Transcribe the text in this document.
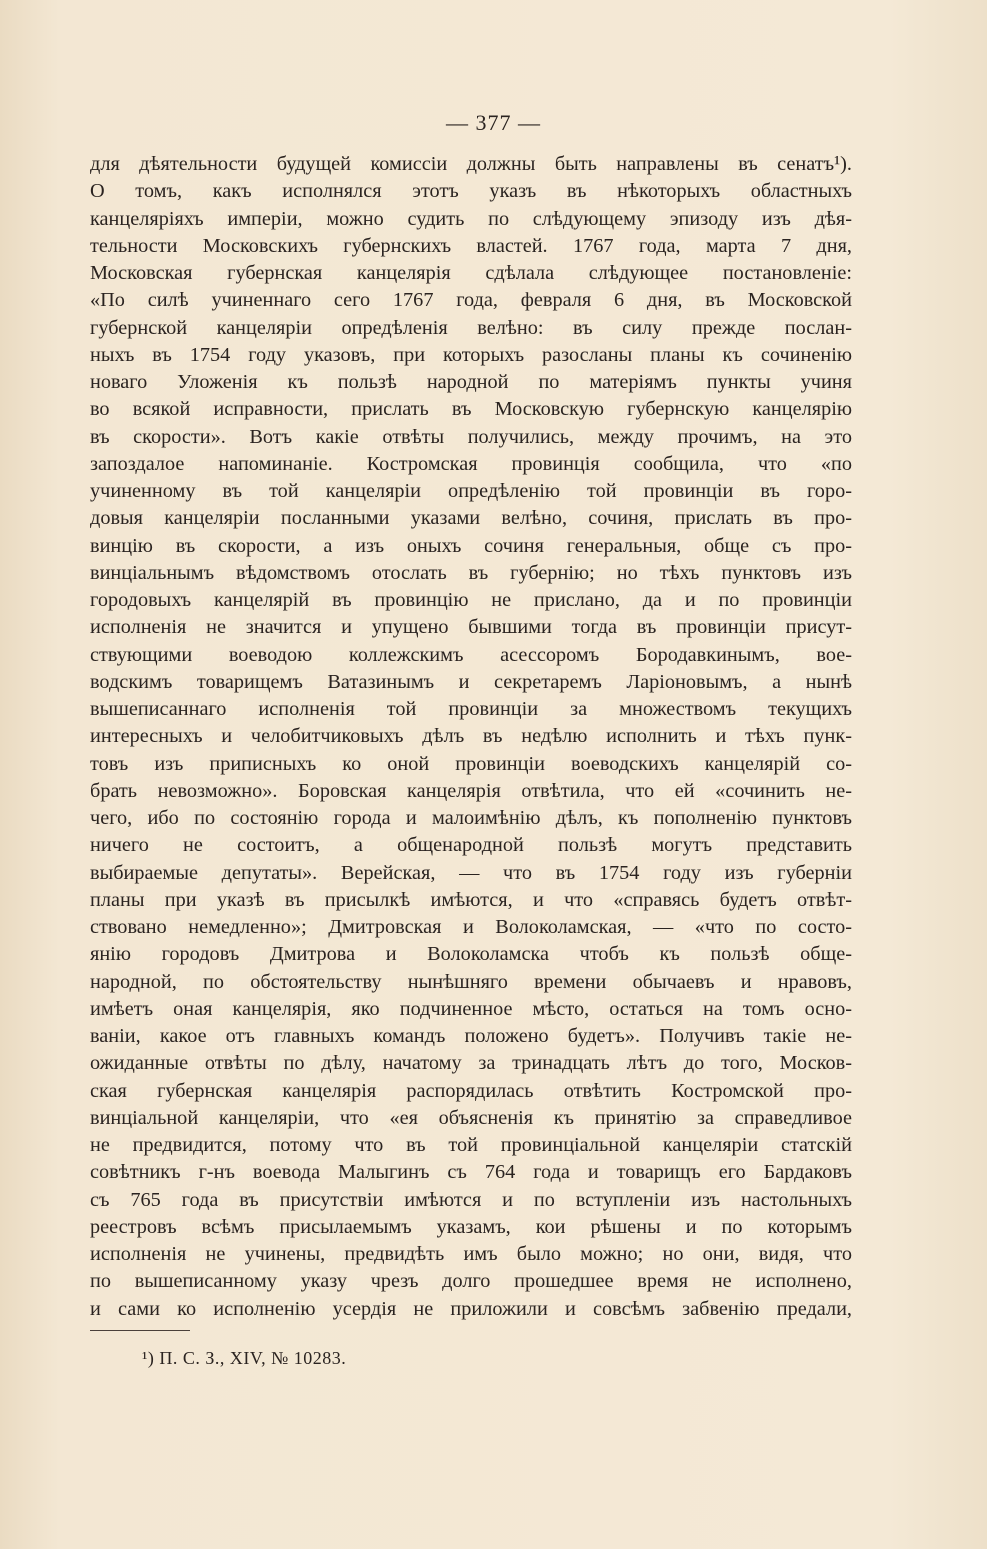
— 377 —
для дѣятельности будущей комиссіи должны быть направлены въ сенатъ¹).
О томъ, какъ исполнялся этотъ указъ въ нѣкоторыхъ областныхъ
канцеляріяхъ имперіи, можно судить по слѣдующему эпизоду изъ дѣя-
тельности Московскихъ губернскихъ властей. 1767 года, марта 7 дня,
Московская губернская канцелярія сдѣлала слѣдующее постановленіе:
«По силѣ учиненнаго сего 1767 года, февраля 6 дня, въ Московской
губернской канцеляріи опредѣленія велѣно: въ силу прежде послан-
ныхъ въ 1754 году указовъ, при которыхъ разосланы планы къ сочиненію
новаго Уложенія къ пользѣ народной по матеріямъ пункты учиня
во всякой исправности, прислать въ Московскую губернскую канцелярію
въ скорости». Вотъ какіе отвѣты получились, между прочимъ, на это
запоздалое напоминаніе. Костромская провинція сообщила, что «по
учиненному въ той канцеляріи опредѣленію той провинціи въ горо-
довыя канцеляріи посланными указами велѣно, сочиня, прислать въ про-
винцію въ скорости, а изъ оныхъ сочиня генеральныя, обще съ про-
винціальнымъ вѣдомствомъ отослать въ губернію; но тѣхъ пунктовъ изъ
городовыхъ канцелярій въ провинцію не прислано, да и по провинціи
исполненія не значится и упущено бывшими тогда въ провинціи присут-
ствующими воеводою коллежскимъ асессоромъ Бородавкинымъ, вое-
водскимъ товарищемъ Ватазинымъ и секретаремъ Ларіоновымъ, а нынѣ
вышеписаннаго исполненія той провинціи за множествомъ текущихъ
интересныхъ и челобитчиковыхъ дѣлъ въ недѣлю исполнить и тѣхъ пунк-
товъ изъ приписныхъ ко оной провинціи воеводскихъ канцелярій со-
брать невозможно». Боровская канцелярія отвѣтила, что ей «сочинить не-
чего, ибо по состоянію города и малоимѣнію дѣлъ, къ пополненію пунктовъ
ничего не состоитъ, а общенародной пользѣ могутъ представить
выбираемые депутаты». Верейская, — что въ 1754 году изъ губерніи
планы при указѣ въ присылкѣ имѣются, и что «справясь будетъ отвѣт-
ствовано немедленно»; Дмитровская и Волоколамская, — «что по состо-
янію городовъ Дмитрова и Волоколамска чтобъ къ пользѣ обще-
народной, по обстоятельству нынѣшняго времени обычаевъ и нравовъ,
имѣетъ оная канцелярія, яко подчиненное мѣсто, остаться на томъ осно-
ваніи, какое отъ главныхъ командъ положено будетъ». Получивъ такіе не-
ожиданные отвѣты по дѣлу, начатому за тринадцать лѣтъ до того, Москов-
ская губернская канцелярія распорядилась отвѣтить Костромской про-
винціальной канцеляріи, что «ея объясненія къ принятію за справедливое
не предвидится, потому что въ той провинціальной канцеляріи статскій
совѣтникъ г-нъ воевода Малыгинъ съ 764 года и товарищъ его Бардаковъ
съ 765 года въ присутствіи имѣются и по вступленіи изъ настольныхъ
реестровъ всѣмъ присылаемымъ указамъ, кои рѣшены и по которымъ
исполненія не учинены, предвидѣть имъ было можно; но они, видя, что
по вышеписанному указу чрезъ долго прошедшее время не исполнено,
и сами ко исполненію усердія не приложили и совсѣмъ забвенію предали,
¹) П. С. З., XIV, № 10283.
